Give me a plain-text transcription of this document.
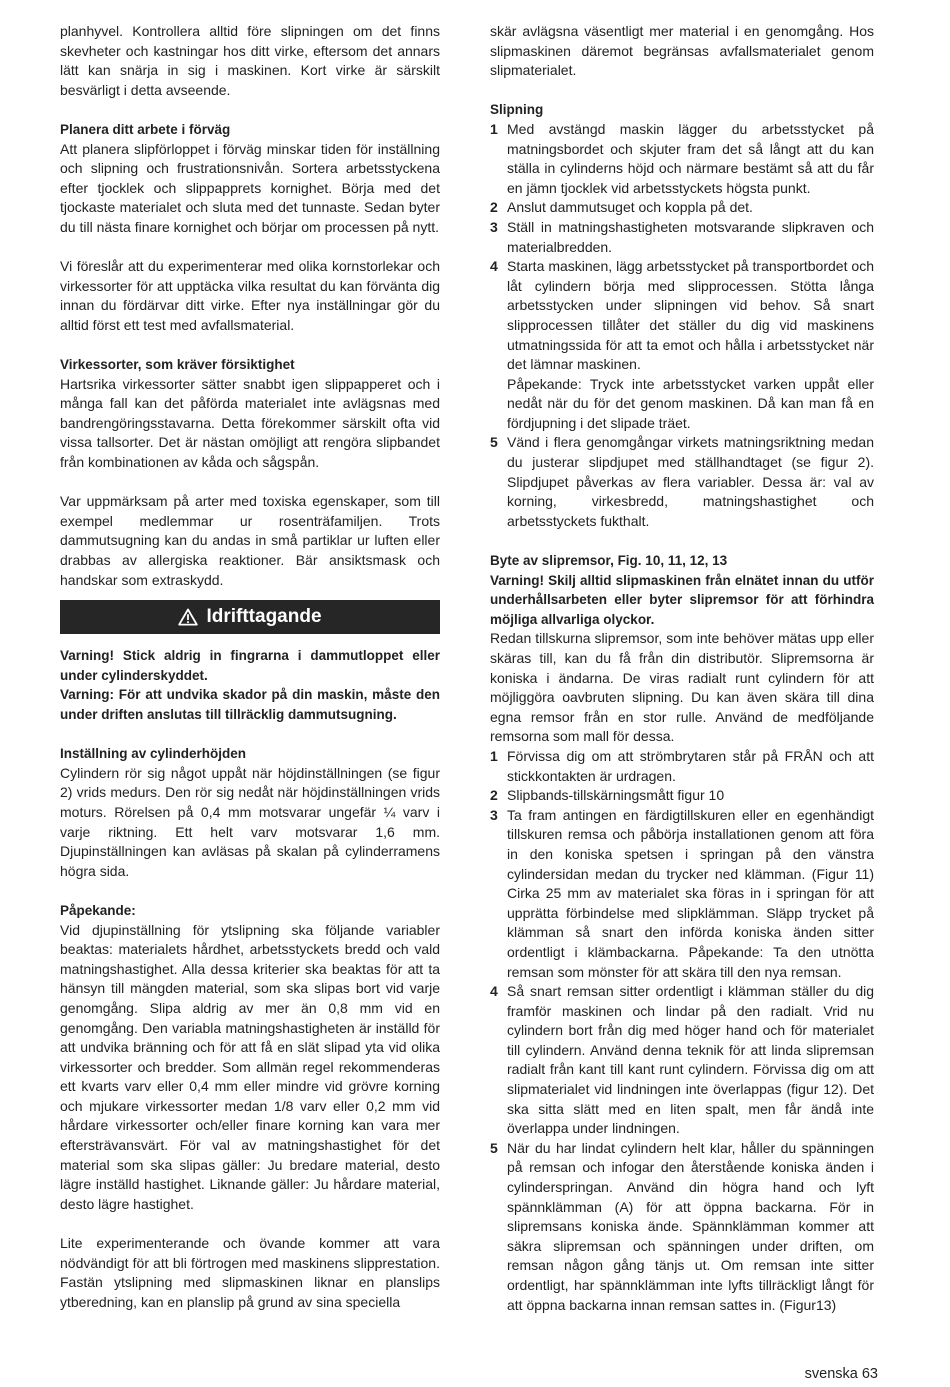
planhyvel. Kontrollera alltid före slipningen om det finns skevheter och kastningar hos ditt virke, eftersom det annars lätt kan snärja in sig i maskinen. Kort virke är särskilt besvärligt i detta avseende.

Planera ditt arbete i förväg

Att planera slipförloppet i förväg minskar tiden för inställning och slipning och frustrationsnivån. Sortera arbetsstyckena efter tjocklek och slippapprets kornighet. Börja med det tjockaste materialet och sluta med det tunnaste. Sedan byter du till nästa finare kornighet och börjar om processen på nytt.

Vi föreslår att du experimenterar med olika kornstorlekar och virkessorter för att upptäcka vilka resultat du kan förvänta dig innan du fördärvar ditt virke. Efter nya inställningar gör du alltid först ett test med avfallsmaterial.

Virkessorter, som kräver försiktighet

Hartsrika virkessorter sätter snabbt igen slippapperet och i många fall kan det påförda materialet inte avlägsnas med bandrengöringsstavarna. Detta förekommer särskilt ofta vid vissa tallsorter. Det är nästan omöjligt att rengöra slipbandet från kombinationen av kåda och sågspån.

Var uppmärksam på arter med toxiska egenskaper, som till exempel medlemmar ur rosenträfamiljen. Trots dammutsugning kan du andas in små partiklar ur luften eller drabbas av allergiska reaktioner. Bär ansiktsmask och handskar som extraskydd.

Idrifttagande

Varning! Stick aldrig in fingrarna i dammutloppet eller under cylinderskyddet.

Varning: För att undvika skador på din maskin, måste den under driften anslutas till tillräcklig dammutsugning.

Inställning av cylinderhöjden

Cylindern rör sig något uppåt när höjdinställningen (se figur 2) vrids medurs. Den rör sig nedåt när höjdinställningen vrids moturs. Rörelsen på 0,4 mm motsvarar ungefär ¼ varv i varje riktning. Ett helt varv motsvarar 1,6 mm. Djupinställningen kan avläsas på skalan på cylinderramens högra sida.

Påpekande:

Vid djupinställning för ytslipning ska följande variabler beaktas: materialets hårdhet, arbetsstyckets bredd och vald matningshastighet. Alla dessa kriterier ska beaktas för att ta hänsyn till mängden material, som ska slipas bort vid varje genomgång. Slipa aldrig av mer än 0,8 mm vid en genomgång. Den variabla matningshastigheten är inställd för att undvika bränning och för att få en slät slipad yta vid olika virkessorter och bredder. Som allmän regel rekommenderas ett kvarts varv eller 0,4 mm eller mindre vid grövre korning och mjukare virkessorter medan 1/8 varv eller 0,2 mm vid hårdare virkessorter och/eller finare korning kan vara mer eftersträvansvärt. För val av matningshastighet för det material som ska slipas gäller: Ju bredare material, desto lägre inställd hastighet. Liknande gäller: Ju hårdare material, desto lägre hastighet.

Lite experimenterande och övande kommer att vara nödvändigt för att bli förtrogen med maskinens slipprestation. Fastän ytslipning med slipmaskinen liknar en planslips ytberedning, kan en planslip på grund av sina speciella

skär avlägsna väsentligt mer material i en genomgång. Hos slipmaskinen däremot begränsas avfallsmaterialet genom slipmaterialet.

Slipning

1 Med avstängd maskin lägger du arbetsstycket på matningsbordet och skjuter fram det så långt att du kan ställa in cylinderns höjd och närmare bestämt så att du får en jämn tjocklek vid arbetsstyckets högsta punkt.
2 Anslut dammutsuget och koppla på det.
3 Ställ in matningshastigheten motsvarande slipkraven och materialbredden.
4 Starta maskinen, lägg arbetsstycket på transportbordet och låt cylindern börja med slipprocessen. Stötta långa arbetsstycken under slipningen vid behov. Så snart slipprocessen tillåter det ställer du dig vid maskinens utmatningssida för att ta emot och hålla i arbetsstycket när det lämnar maskinen.
Påpekande: Tryck inte arbetsstycket varken uppåt eller nedåt när du för det genom maskinen. Då kan man få en fördjupning i det slipade träet.
5 Vänd i flera genomgångar virkets matningsriktning medan du justerar slipdjupet med ställhandtaget (se figur 2). Slipdjupet påverkas av flera variabler. Dessa är: val av korning, virkesbredd, matningshastighet och arbetsstyckets fukthalt.

Byte av slipremsor, Fig. 10, 11, 12, 13

Varning! Skilj alltid slipmaskinen från elnätet innan du utför underhållsarbeten eller byter slipremsor för att förhindra möjliga allvarliga olyckor.

Redan tillskurna slipremsor, som inte behöver mätas upp eller skäras till, kan du få från din distributör. Slipremsorna är koniska i ändarna. De viras radialt runt cylindern för att möjliggöra oavbruten slipning. Du kan även skära till dina egna remsor från en stor rulle. Använd de medföljande remsorna som mall för dessa.

1 Förvissa dig om att strömbrytaren står på FRÅN och att stickkontakten är urdragen.
2 Slipbands-tillskärningsmått figur 10
3 Ta fram antingen en färdigtillskuren eller en egenhändigt tillskuren remsa och påbörja installationen genom att föra in den koniska spetsen i springan på den vänstra cylindersidan medan du trycker ned klämman. (Figur 11) Cirka 25 mm av materialet ska föras in i springan för att upprätta förbindelse med slipklämman. Släpp trycket på klämman så snart den införda koniska änden sitter ordentligt i klämbackarna. Påpekande: Ta den utnötta remsan som mönster för att skära till den nya remsan.
4 Så snart remsan sitter ordentligt i klämman ställer du dig framför maskinen och lindar på den radialt. Vrid nu cylindern bort från dig med höger hand och för materialet till cylindern. Använd denna teknik för att linda slipremsan radialt från kant till kant runt cylindern. Förvissa dig om att slipmaterialet vid lindningen inte överlappas (figur 12). Det ska sitta slätt med en liten spalt, men får ändå inte överlappa under lindningen.
5 När du har lindat cylindern helt klar, håller du spänningen på remsan och infogar den återstående koniska änden i cylinderspringan. Använd din högra hand och lyft spännklämman (A) för att öppna backarna. För in slipremsans koniska ände. Spännklämman kommer att säkra slipremsan och spänningen under driften, om remsan någon gång tänjs ut. Om remsan inte sitter ordentligt, har spännklämman inte lyfts tillräckligt långt för att öppna backarna innan remsan sattes in. (Figur13)
svenska 63
